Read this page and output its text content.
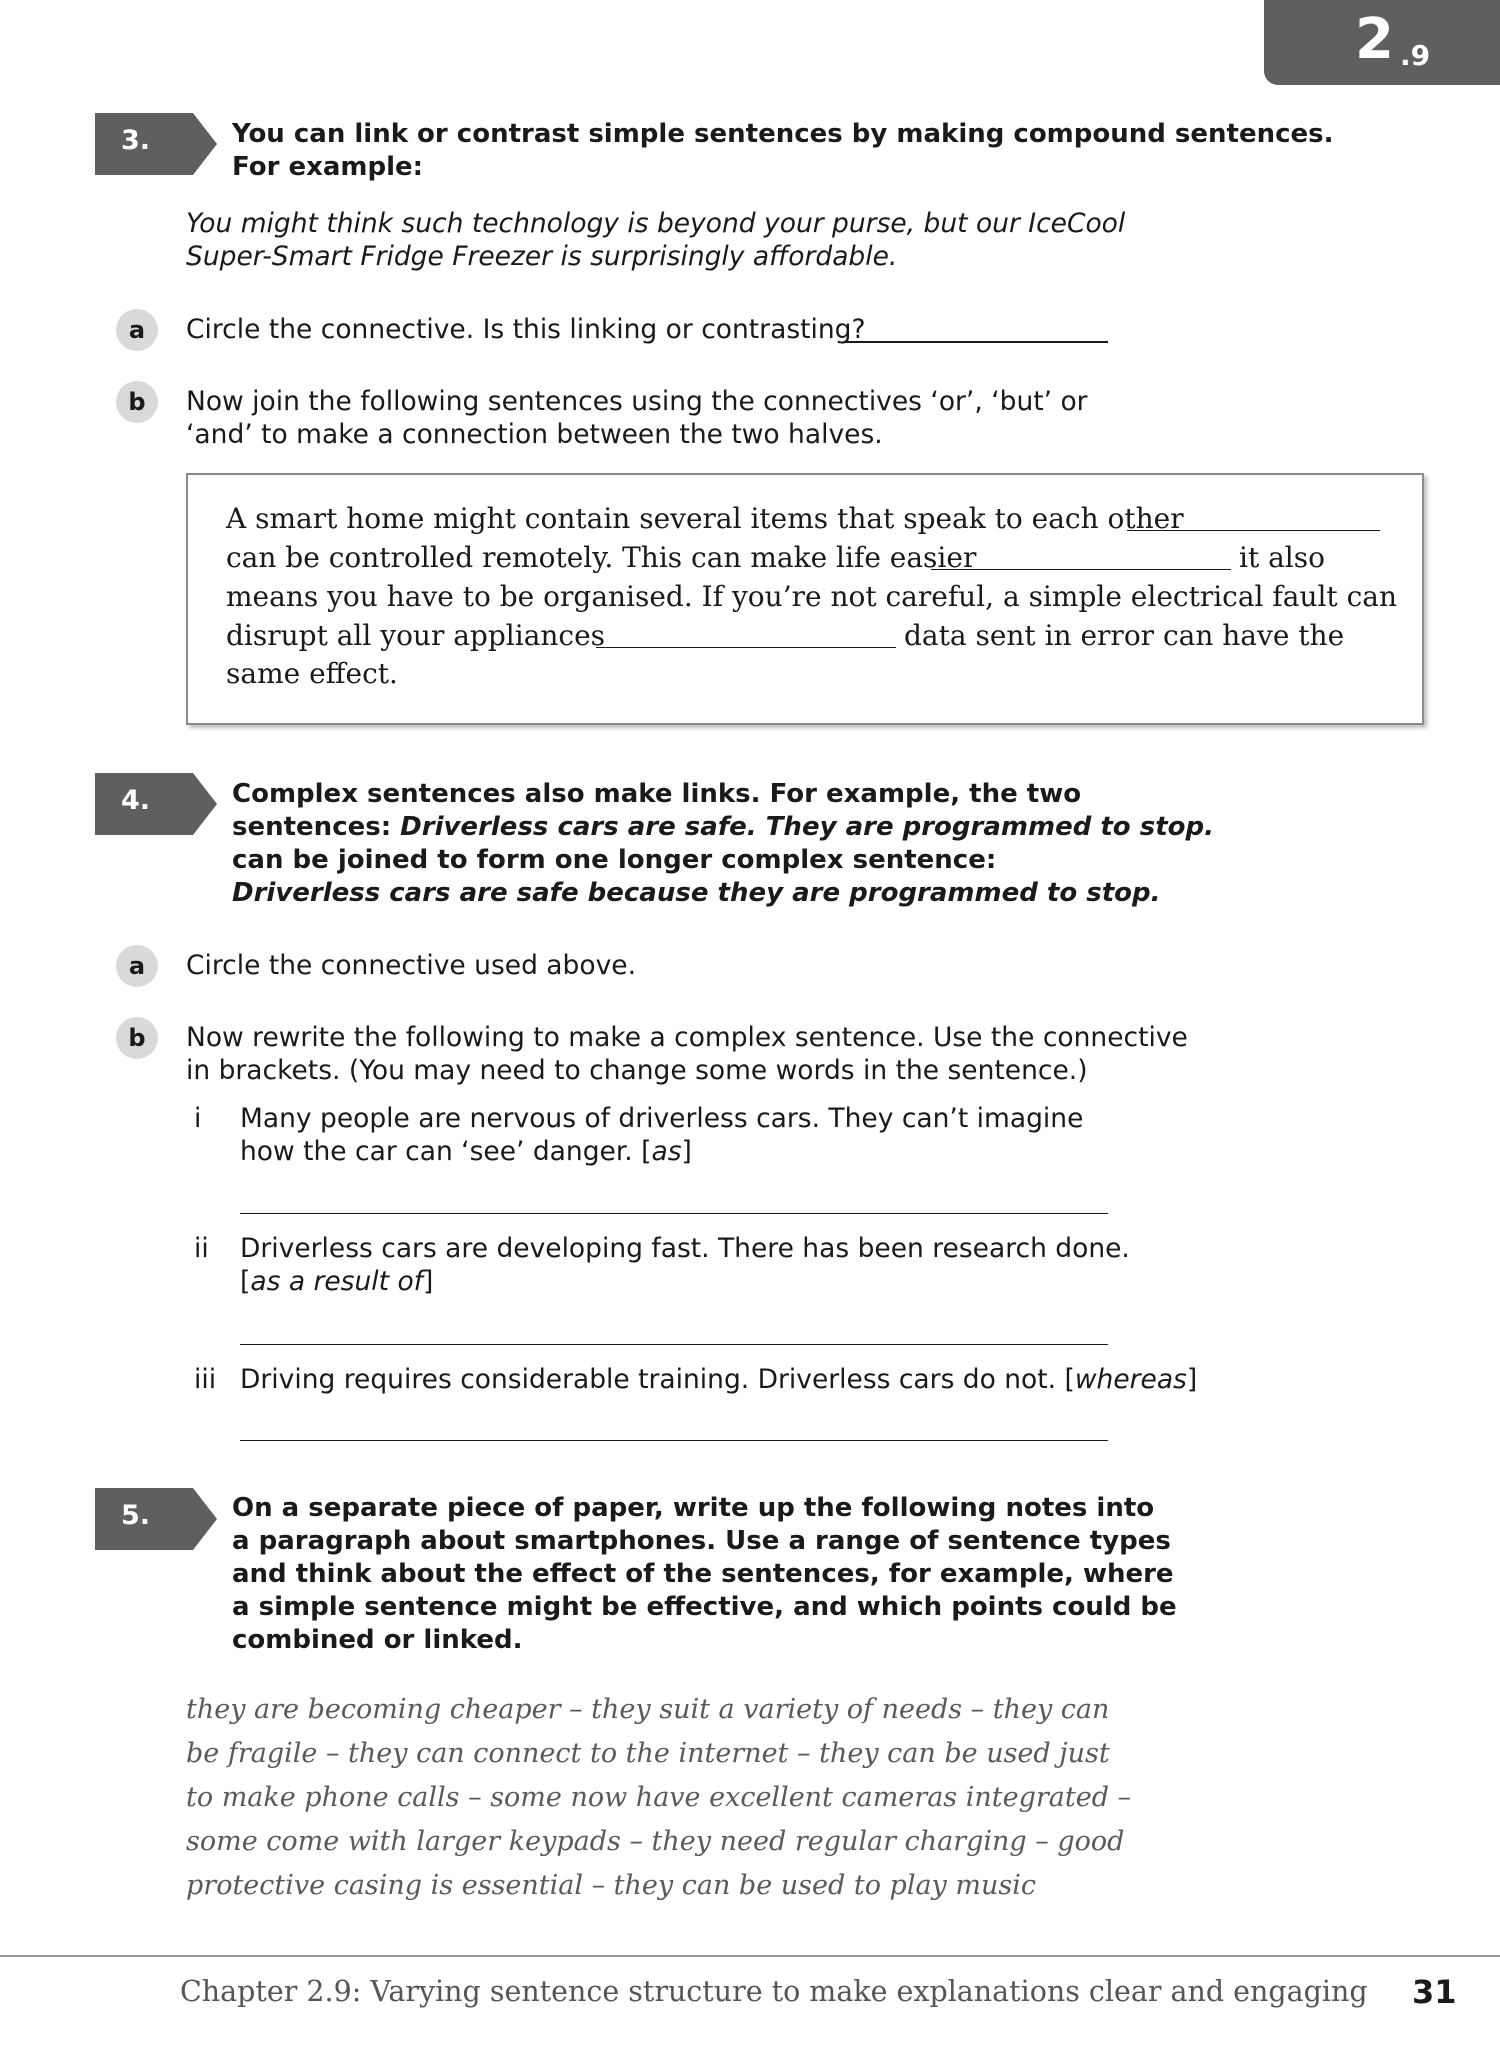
2 .9
3.	You can link or contrast simple sentences by making compound sentences.
For example:
You might think such technology is beyond your purse, but our IceCool
Super-Smart Fridge Freezer is surprisingly affordable.
a	Circle the connective. Is this linking or contrasting?
b	Now join the following sentences using the connectives ‘or’, ‘but’ or
‘and’ to make a connection between the two halves.
A smart home might contain several items that speak to each other
can be controlled remotely. This can make life easier	it also
means you have to be organised. If you’re not careful, a simple electrical fault can
disrupt all your appliances	data sent in error can have the
same effect.
4.	Complex sentences also make links. For example, the two
sentences: Driverless cars are safe. They are programmed to stop.
can be joined to form one longer complex sentence:
Driverless cars are safe because they are programmed to stop.
a	Circle the connective used above.
b	Now rewrite the following to make a complex sentence. Use the connective
in brackets. (You may need to change some words in the sentence.)
i Many people are nervous of driverless cars. They can’t imagine
how the car can ‘see’ danger. [as]
ii Driverless cars are developing fast. There has been research done.
[as a result of]
iii Driving requires considerable training. Driverless cars do not. [whereas]
5.	On a separate piece of paper, write up the following notes into
a paragraph about smartphones. Use a range of sentence types
and think about the effect of the sentences, for example, where
a simple sentence might be effective, and which points could be
combined or linked.
they are becoming cheaper – they suit a variety of needs – they can
be fragile – they can connect to the internet – they can be used just
to make phone calls – some now have excellent cameras integrated –
some come with larger keypads – they need regular charging – good
protective casing is essential – they can be used to play music
Chapter 2.9: Varying sentence structure to make explanations clear and engaging 31
